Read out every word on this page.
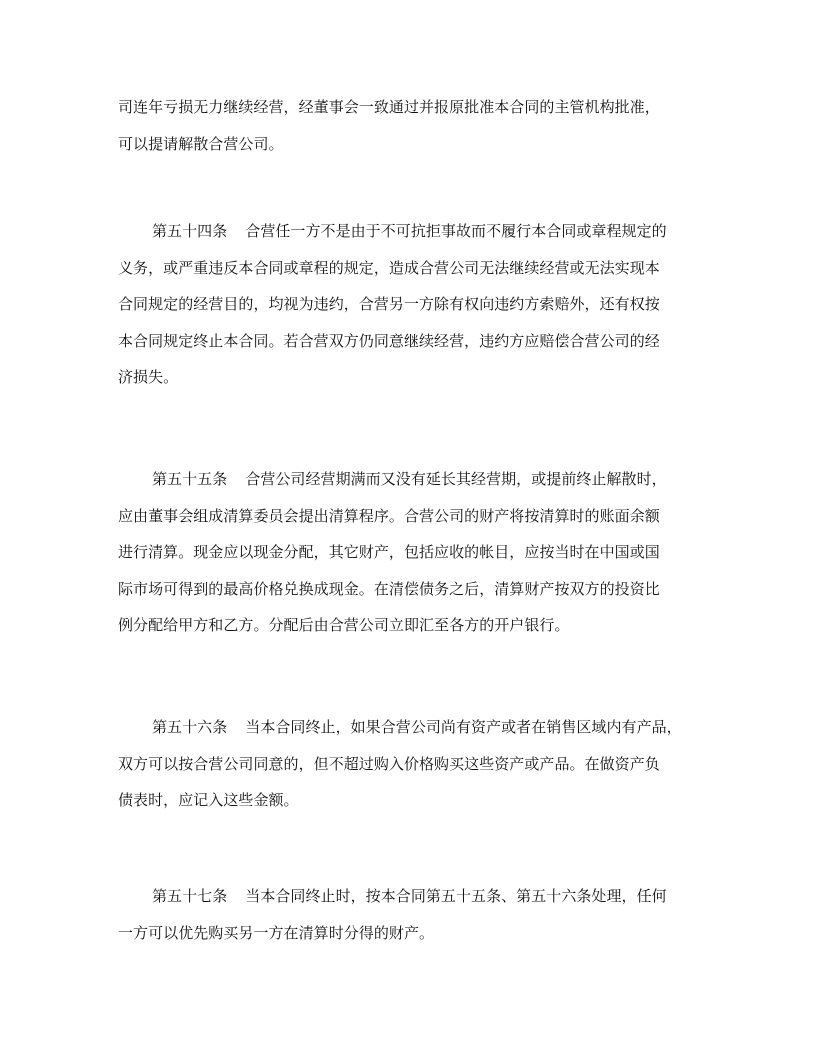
司连年亏损无力继续经营，经董事会一致通过并报原批准本合同的主管机构批准，
可以提请解散合营公司。
第五十四条 合营任一方不是由于不可抗拒事故而不履行本合同或章程规定的
义务，或严重违反本合同或章程的规定，造成合营公司无法继续经营或无法实现本
合同规定的经营目的，均视为违约，合营另一方除有权向违约方索赔外，还有权按
本合同规定终止本合同。若合营双方仍同意继续经营，违约方应赔偿合营公司的经
济损失。
第五十五条 合营公司经营期满而又没有延长其经营期，或提前终止解散时，
应由董事会组成清算委员会提出清算程序。合营公司的财产将按清算时的账面余额
进行清算。现金应以现金分配，其它财产，包括应收的帐目，应按当时在中国或国
际市场可得到的最高价格兑换成现金。在清偿债务之后，清算财产按双方的投资比
例分配给甲方和乙方。分配后由合营公司立即汇至各方的开户银行。
第五十六条 当本合同终止，如果合营公司尚有资产或者在销售区域内有产品，
双方可以按合营公司同意的，但不超过购入价格购买这些资产或产品。在做资产负
债表时，应记入这些金额。
第五十七条 当本合同终止时，按本合同第五十五条、第五十六条处理，任何
一方可以优先购买另一方在清算时分得的财产。
